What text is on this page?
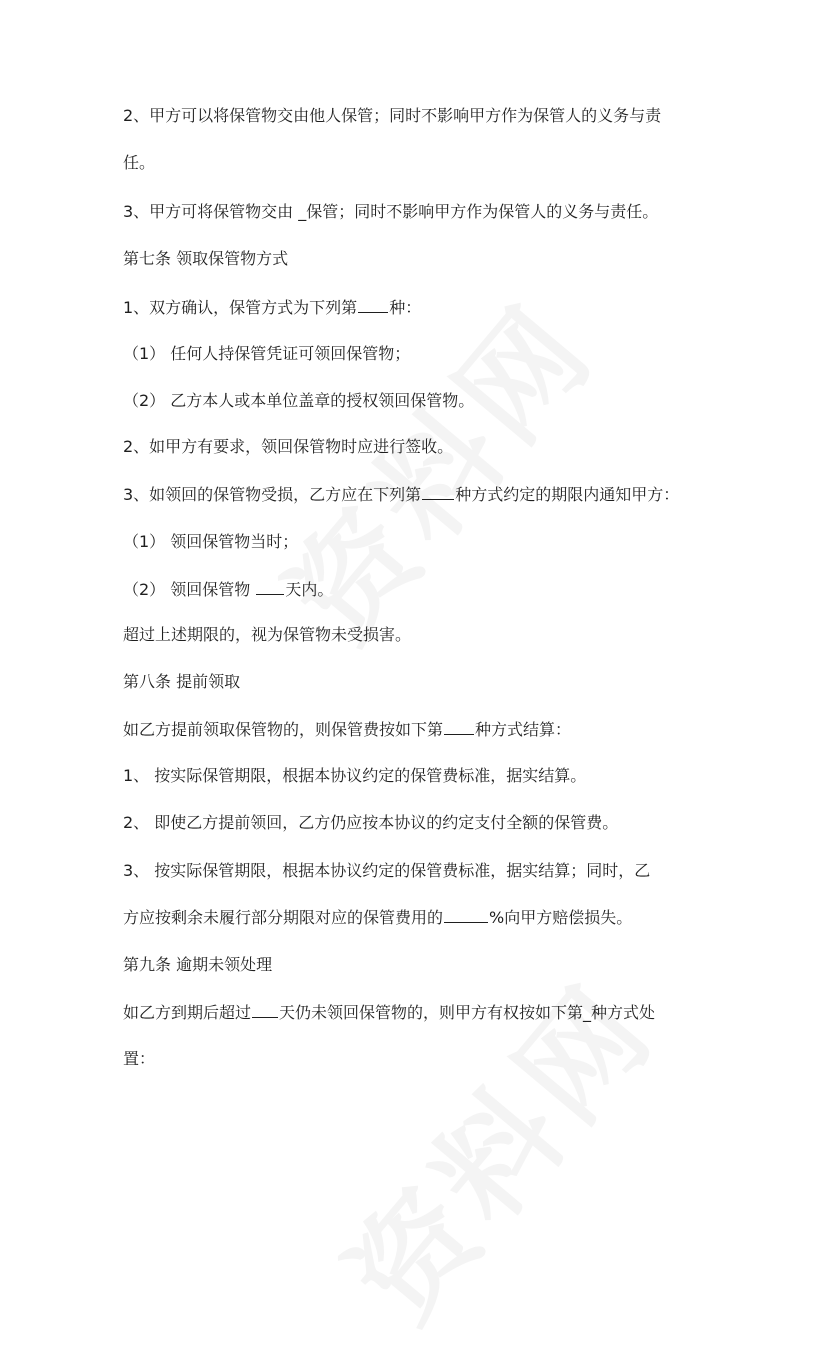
2、甲方可以将保管物交由他人保管；同时不影响甲方作为保管人的义务与责
任。
3、甲方可将保管物交由 _保管；同时不影响甲方作为保管人的义务与责任。
第七条 领取保管物方式
1、双方确认，保管方式为下列第 种：
（1） 任何人持保管凭证可领回保管物；
（2） 乙方本人或本单位盖章的授权领回保管物。
2、如甲方有要求，领回保管物时应进行签收。
3、如领回的保管物受损，乙方应在下列第 种方式约定的期限内通知甲方：
（1） 领回保管物当时；
（2） 领回保管物 天内。
超过上述期限的，视为保管物未受损害。
第八条 提前领取
如乙方提前领取保管物的，则保管费按如下第 种方式结算：
1、 按实际保管期限，根据本协议约定的保管费标准，据实结算。
2、 即使乙方提前领回，乙方仍应按本协议的约定支付全额的保管费。
3、 按实际保管期限，根据本协议约定的保管费标准，据实结算；同时，乙
方应按剩余未履行部分期限对应的保管费用的	%向甲方赔偿损失。
第九条 逾期未领处理
如乙方到期后超过 天仍未领回保管物的，则甲方有权按如下第_种方式处
置：
